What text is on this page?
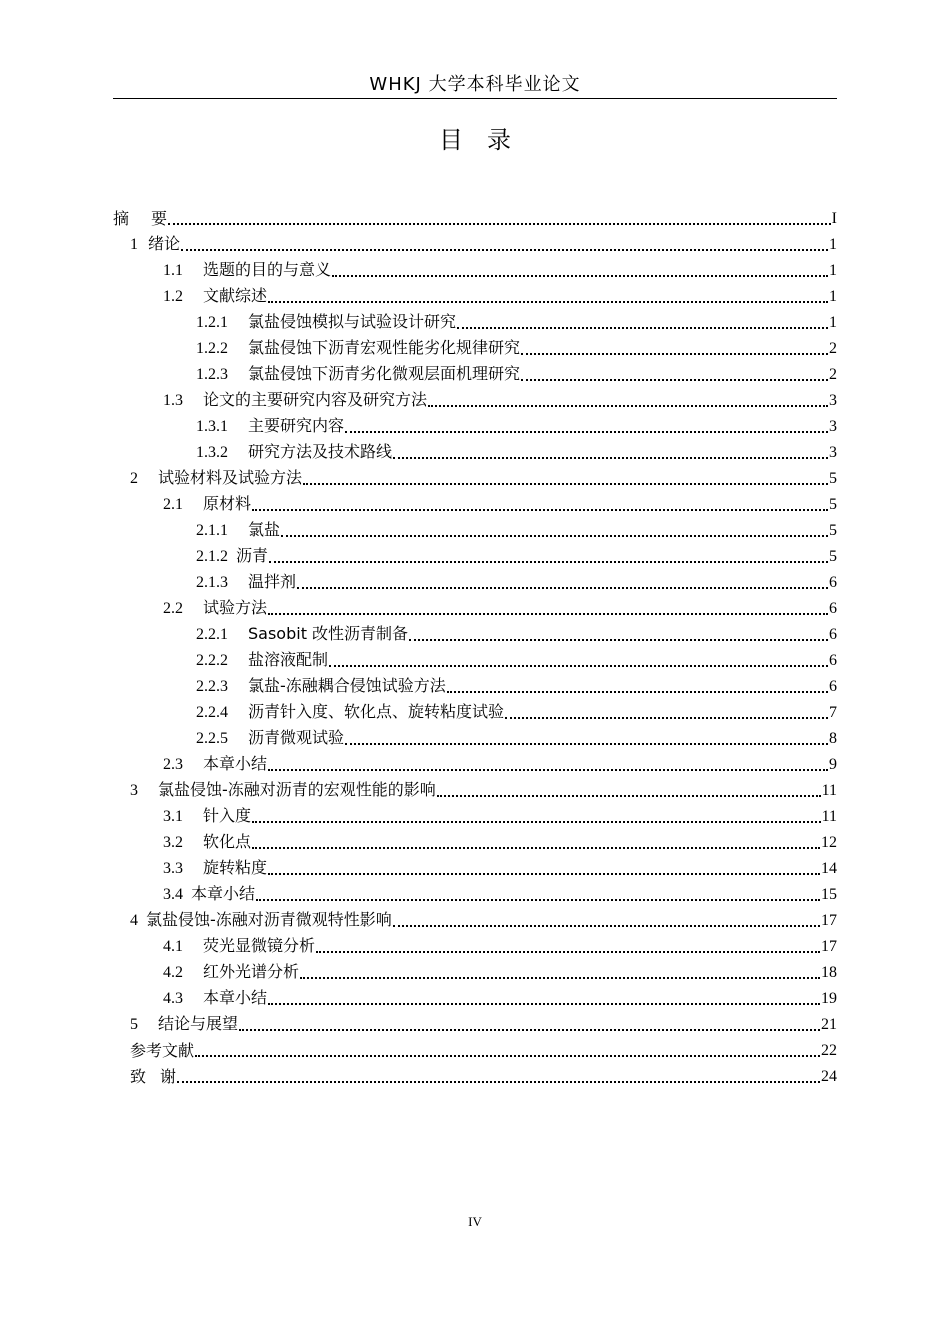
WHKJ 大学本科毕业论文
目录
摘 要	I
1 绪论	1
1.1 选题的目的与意义	1
1.2 文献综述	1
1.2.1 氯盐侵蚀模拟与试验设计研究	1
1.2.2 氯盐侵蚀下沥青宏观性能劣化规律研究	2
1.2.3 氯盐侵蚀下沥青劣化微观层面机理研究	2
1.3 论文的主要研究内容及研究方法	3
1.3.1 主要研究内容	3
1.3.2 研究方法及技术路线	3
2 试验材料及试验方法	5
2.1 原材料	5
2.1.1 氯盐	5
2.1.2 沥青	5
2.1.3 温拌剂	6
2.2 试验方法	6
2.2.1 Sasobit 改性沥青制备	6
2.2.2 盐溶液配制	6
2.2.3 氯盐-冻融耦合侵蚀试验方法	6
2.2.4 沥青针入度、软化点、旋转粘度试验	7
2.2.5 沥青微观试验	8
2.3 本章小结	9
3 氯盐侵蚀-冻融对沥青的宏观性能的影响	11
3.1 针入度	11
3.2 软化点	12
3.3 旋转粘度	14
3.4 本章小结	15
4 氯盐侵蚀-冻融对沥青微观特性影响	17
4.1 荧光显微镜分析	17
4.2 红外光谱分析	18
4.3 本章小结	19
5 结论与展望	21
参考文献	22
致 谢	24
IV
